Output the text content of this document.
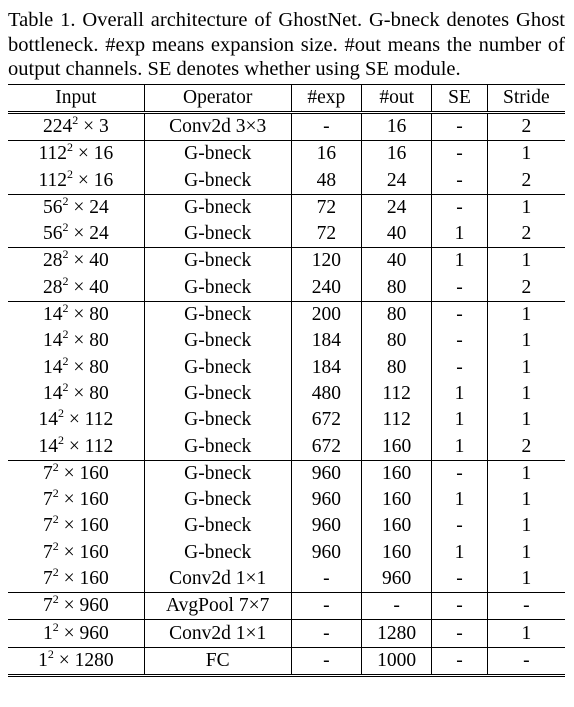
Table 1. Overall architecture of GhostNet. G-bneck denotes Ghost bottleneck. #exp means expansion size. #out means the number of output channels. SE denotes whether using SE module.

Input	Operator	#exp	#out	SE	Stride
$224^2 \times 3$	Conv2d 3×3	-	16	-	2
$112^2 \times 16$	G-bneck	16	16	-	1
$112^2 \times 16$	G-bneck	48	24	-	2
$56^2 \times 24$	G-bneck	72	24	-	1
$56^2 \times 24$	G-bneck	72	40	1	2
$28^2 \times 40$	G-bneck	120	40	1	1
$28^2 \times 40$	G-bneck	240	80	-	2
$14^2 \times 80$	G-bneck	200	80	-	1
$14^2 \times 80$	G-bneck	184	80	-	1
$14^2 \times 80$	G-bneck	184	80	-	1
$14^2 \times 80$	G-bneck	480	112	1	1
$14^2 \times 112$	G-bneck	672	112	1	1
$14^2 \times 112$	G-bneck	672	160	1	2
$7^2 \times 160$	G-bneck	960	160	-	1
$7^2 \times 160$	G-bneck	960	160	1	1
$7^2 \times 160$	G-bneck	960	160	-	1
$7^2 \times 160$	G-bneck	960	160	1	1
$7^2 \times 160$	Conv2d 1×1	-	960	-	1
$7^2 \times 960$	AvgPool 7×7	-	-	-	-
$1^2 \times 960$	Conv2d 1×1	-	1280	-	1
$1^2 \times 1280$	FC	-	1000	-	-
